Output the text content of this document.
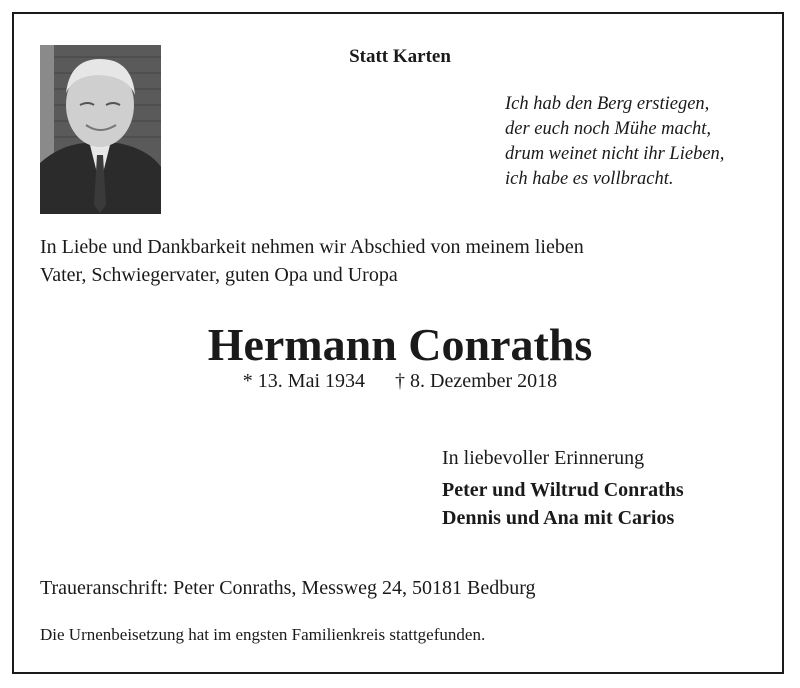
Statt Karten
Ich hab den Berg erstiegen,
der euch noch Mühe macht,
drum weinet nicht ihr Lieben,
ich habe es vollbracht.
In Liebe und Dankbarkeit nehmen wir Abschied von meinem lieben
Vater, Schwiegervater, guten Opa und Uropa
Hermann Conraths
* 13. Mai 1934      † 8. Dezember 2018
In liebevoller Erinnerung
Peter und Wiltrud Conraths
Dennis und Ana mit Carios
Traueranschrift: Peter Conraths, Messweg 24, 50181 Bedburg
Die Urnenbeisetzung hat im engsten Familienkreis stattgefunden.
